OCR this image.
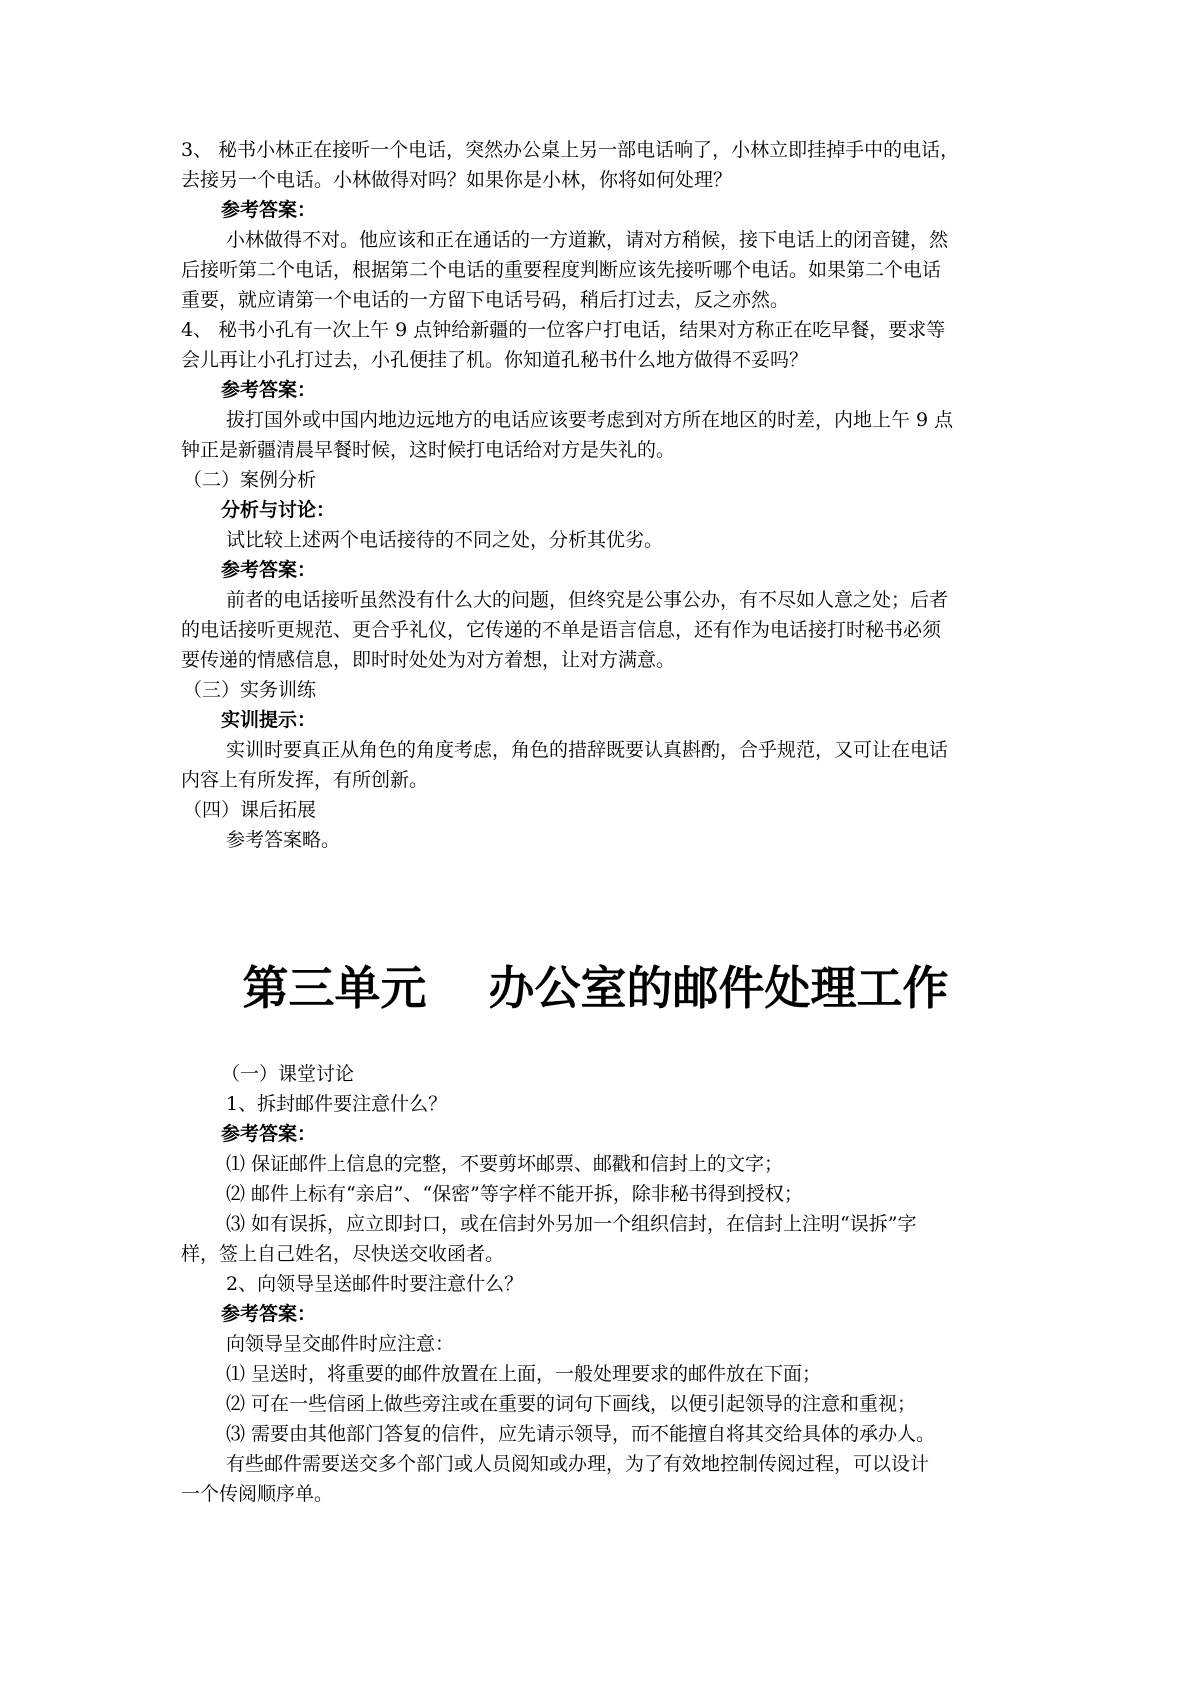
3、 秘书小林正在接听一个电话，突然办公桌上另一部电话响了，小林立即挂掉手中的电话，
去接另一个电话。小林做得对吗？如果你是小林，你将如何处理？
参考答案：
小林做得不对。他应该和正在通话的一方道歉，请对方稍候，接下电话上的闭音键，然
后接听第二个电话，根据第二个电话的重要程度判断应该先接听哪个电话。如果第二个电话
重要，就应请第一个电话的一方留下电话号码，稍后打过去，反之亦然。
4、 秘书小孔有一次上午 9 点钟给新疆的一位客户打电话，结果对方称正在吃早餐，要求等
会儿再让小孔打过去，小孔便挂了机。你知道孔秘书什么地方做得不妥吗？
参考答案：
拔打国外或中国内地边远地方的电话应该要考虑到对方所在地区的时差，内地上午 9 点
钟正是新疆清晨早餐时候，这时候打电话给对方是失礼的。
（二）案例分析
分析与讨论：
试比较上述两个电话接待的不同之处，分析其优劣。
参考答案：
前者的电话接听虽然没有什么大的问题，但终究是公事公办，有不尽如人意之处；后者
的电话接听更规范、更合乎礼仪，它传递的不单是语言信息，还有作为电话接打时秘书必须
要传递的情感信息，即时时处处为对方着想，让对方满意。
（三）实务训练
实训提示：
实训时要真正从角色的角度考虑，角色的措辞既要认真斟酌，合乎规范，又可让在电话
内容上有所发挥，有所创新。
（四）课后拓展
参考答案略。
第三单元　 办公室的邮件处理工作
（一）课堂讨论
1、拆封邮件要注意什么？
参考答案：
⑴ 保证邮件上信息的完整，不要剪坏邮票、邮戳和信封上的文字；
⑵ 邮件上标有“亲启”、“保密”等字样不能开拆，除非秘书得到授权；
⑶ 如有误拆，应立即封口，或在信封外另加一个组织信封，在信封上注明“误拆”字
样，签上自己姓名，尽快送交收函者。
2、向领导呈送邮件时要注意什么？
参考答案：
向领导呈交邮件时应注意：
⑴ 呈送时，将重要的邮件放置在上面，一般处理要求的邮件放在下面；
⑵ 可在一些信函上做些旁注或在重要的词句下画线，以便引起领导的注意和重视；
⑶ 需要由其他部门答复的信件，应先请示领导，而不能擅自将其交给具体的承办人。
有些邮件需要送交多个部门或人员阅知或办理，为了有效地控制传阅过程，可以设计
一个传阅顺序单。
